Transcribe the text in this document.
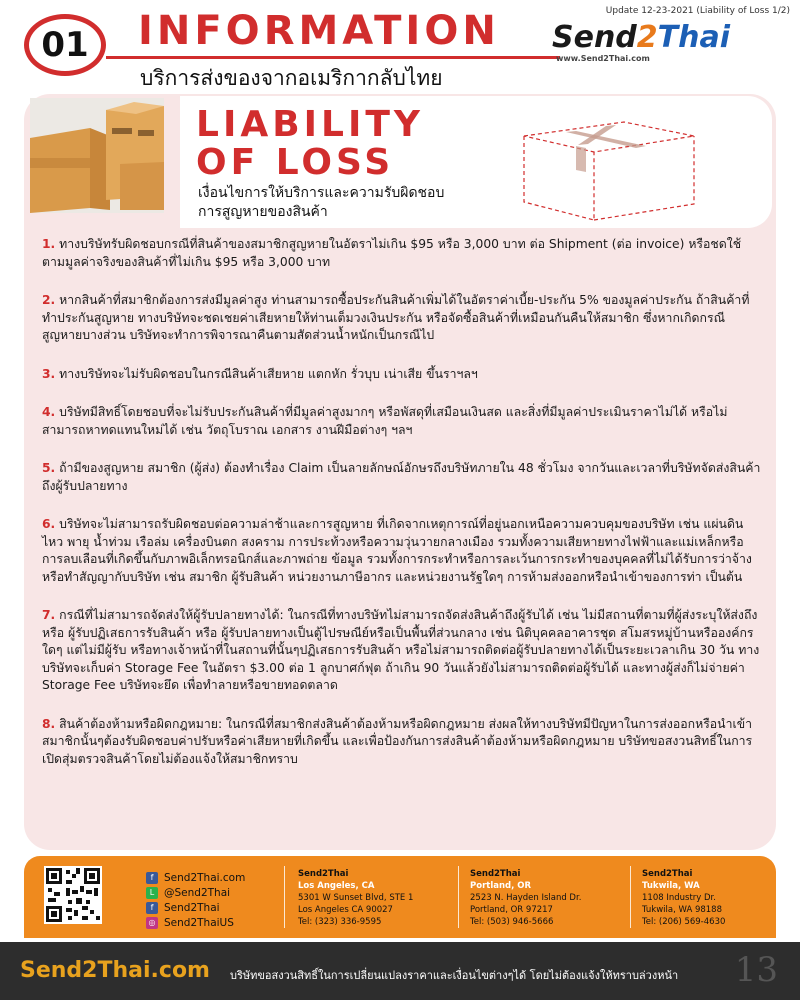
Update 12-23-2021 (Liability of Loss 1/2)
01 INFORMATION
บริการส่งของจากอเมริกากลับไทย
Send2Thai
www.Send2Thai.com
LIABILITY
OF LOSS
เงื่อนไขการให้บริการและความรับผิดชอบ
การสูญหายของสินค้า
1. ทางบริษัทรับผิดชอบกรณีที่สินค้าของสมาชิกสูญหายในอัตราไม่เกิน $95 หรือ 3,000 บาท ต่อ Shipment (ต่อ invoice) หรือชดใช้ตามมูลค่าจริงของสินค้าที่ไม่เกิน $95 หรือ 3,000 บาท
2. หากสินค้าที่สมาชิกต้องการส่งมีมูลค่าสูง ท่านสามารถซื้อประกันสินค้าเพิ่มได้ในอัตราค่าเบี้ย-ประกัน 5% ของมูลค่าประกัน ถ้าสินค้าที่ทำประกันสูญหาย ทางบริษัทจะชดเชยค่าเสียหายให้ท่านเต็มวงเงินประกัน หรือจัดซื้อสินค้าที่เหมือนกันคืนให้สมาชิก ซึ่งหากเกิดกรณีสูญหายบางส่วน บริษัทจะทำการพิจารณาคืนตามสัดส่วนน้ำหนักเป็นกรณีไป
3. ทางบริษัทจะไม่รับผิดชอบในกรณีสินค้าเสียหาย แตกหัก รั่วบุบ เน่าเสีย ขึ้นราฯลฯ
4. บริษัทมีสิทธิ์โดยชอบที่จะไม่รับประกันสินค้าที่มีมูลค่าสูงมากๆ หรือพัสดุที่เสมือนเงินสด และสิ่งที่มีมูลค่าประเมินราคาไม่ได้ หรือไม่สามารถหาทดแทนใหม่ได้ เช่น วัตถุโบราณ เอกสาร งานฝีมือต่างๆ ฯลฯ
5. ถ้ามีของสูญหาย สมาชิก (ผู้ส่ง) ต้องทำเรื่อง Claim เป็นลายลักษณ์อักษรถึงบริษัทภายใน 48 ชั่วโมง จากวันและเวลาที่บริษัทจัดส่งสินค้าถึงผู้รับปลายทาง
6. บริษัทจะไม่สามารถรับผิดชอบต่อความล่าช้าและการสูญหาย ที่เกิดจากเหตุการณ์ที่อยู่นอกเหนือความควบคุมของบริษัท เช่น แผ่นดินไหว พายุ น้ำท่วม เรือล่ม เครื่องบินตก สงคราม การประท้วงหรือความวุ่นวายกลางเมือง รวมทั้งความเสียหายทางไฟฟ้าและแม่เหล็กหรือการลบเลือนที่เกิดขึ้นกับภาพอิเล็กทรอนิกส์และภาพถ่าย ข้อมูล รวมทั้งการกระทำหรือการละเว้นการกระทำของบุคคลที่ไม่ได้รับการว่าจ้างหรือทำสัญญากับบริษัท เช่น สมาชิก ผู้รับสินค้า หน่วยงานภาษีอากร และหน่วยงานรัฐใดๆ การห้ามส่งออกหรือนำเข้าของการท่า เป็นต้น
7. กรณีที่ไม่สามารถจัดส่งให้ผู้รับปลายทางได้: ในกรณีที่ทางบริษัทไม่สามารถจัดส่งสินค้าถึงผู้รับได้ เช่น ไม่มีสถานที่ตามที่ผู้ส่งระบุให้ส่งถึง หรือ ผู้รับปฏิเสธการรับสินค้า หรือ ผู้รับปลายทางเป็นตู้ไปรษณีย์หรือเป็นพื้นที่ส่วนกลาง เช่น นิติบุคคลอาคารชุด สโมสรหมู่บ้านหรือองค์กรใดๆ แต่ไม่มีผู้รับ หรือทางเจ้าหน้าที่ในสถานที่นั้นๆปฏิเสธการรับสินค้า หรือไม่สามารถติดต่อผู้รับปลายทางได้เป็นระยะเวลาเกิน 30 วัน ทางบริษัทจะเก็บค่า Storage Fee ในอัตรา $3.00 ต่อ 1 ลูกบาศก์ฟุต ถ้าเกิน 90 วันแล้วยังไม่สามารถติดต่อผู้รับได้ และทางผู้ส่งก็ไม่จ่ายค่า Storage Fee บริษัทจะยึด เพื่อทำลายหรือขายทอดตลาด
8. สินค้าต้องห้ามหรือผิดกฎหมาย: ในกรณีที่สมาชิกส่งสินค้าต้องห้ามหรือผิดกฎหมาย ส่งผลให้ทางบริษัทมีปัญหาในการส่งออกหรือนำเข้า สมาชิกนั้นๆต้องรับผิดชอบค่าปรับหรือค่าเสียหายที่เกิดขึ้น และเพื่อป้องกันการส่งสินค้าต้องห้ามหรือผิดกฎหมาย บริษัทขอสงวนสิทธิ์ในการเปิดสุ่มตรวจสินค้าโดยไม่ต้องแจ้งให้สมาชิกทราบ
f	Send2Thai.com
L @Send2Thai
f	Send2Thai
◎ Send2ThaiUS
Send2Thai
Los Angeles, CA
5301 W Sunset Blvd, STE 1
Los Angeles CA 90027
Tel: (323) 336-9595
Send2Thai
Portland, OR
2523 N. Hayden Island Dr.
Portland, OR 97217
Tel: (503) 946-5666
Send2Thai
Tukwila, WA
1108 Industry Dr.
Tukwila, WA 98188
Tel: (206) 569-4630
Send2Thai.com บริษัทขอสงวนสิทธิ์ในการเปลี่ยนแปลงราคาและเงื่อนไขต่างๆได้ โดยไม่ต้องแจ้งให้ทราบล่วงหน้า 13
